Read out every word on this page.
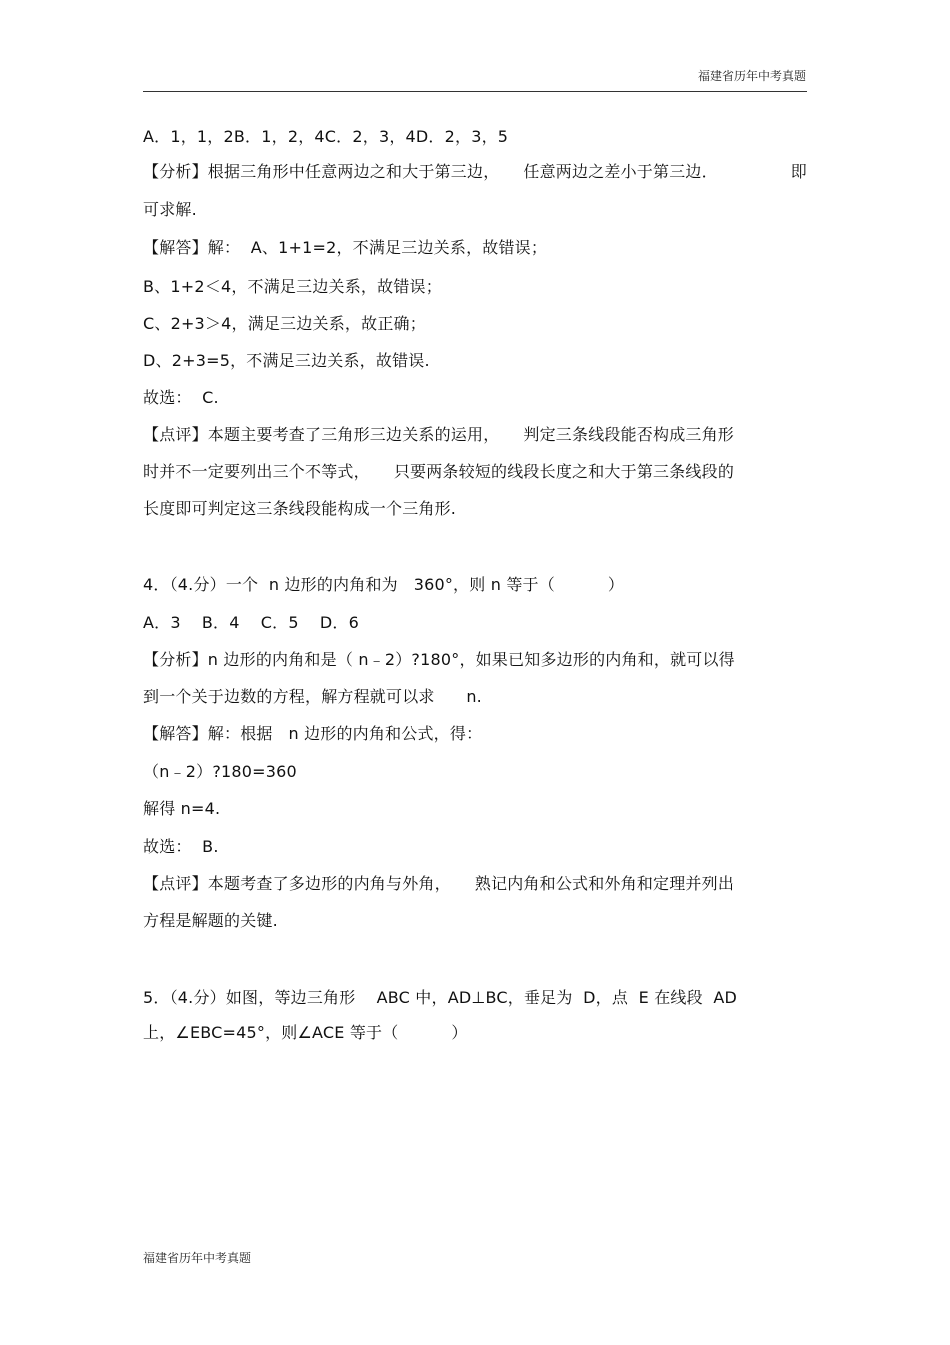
福建省历年中考真题
A．1，1，2B．1，2，4C．2，3，4D．2，3，5
【分析】根据三角形中任意两边之和大于第三边， 任意两边之差小于第三边．	即
可求解.
【解答】解：  A、1+1=2，不满足三边关系，故错误；
B、1+2＜4，不满足三边关系，故错误；
C、2+3＞4，满足三边关系，故正确；
D、2+3=5，不满足三边关系，故错误.
故选：  C.
【点评】本题主要考查了三角形三边关系的运用， 判定三条线段能否构成三角形
时并不一定要列出三个不等式， 只要两条较短的线段长度之和大于第三条线段的
长度即可判定这三条线段能构成一个三角形.
4．（4.分）一个  n 边形的内角和为   360°，则 n 等于（          ）
A．3    B．4    C．5    D．6
【分析】n 边形的内角和是（ n﹣2）?180°，如果已知多边形的内角和，就可以得
到一个关于边数的方程，解方程就可以求      n.
【解答】解：根据   n 边形的内角和公式，得：
（n﹣2）?180=360
解得 n=4.
故选：  B.
【点评】本题考查了多边形的内角与外角， 熟记内角和公式和外角和定理并列出
方程是解题的关键.
5．（4.分）如图，等边三角形    ABC 中，AD⊥BC，垂足为  D，点  E 在线段  AD
上，∠EBC=45°，则∠ACE 等于（          ）
福建省历年中考真题
